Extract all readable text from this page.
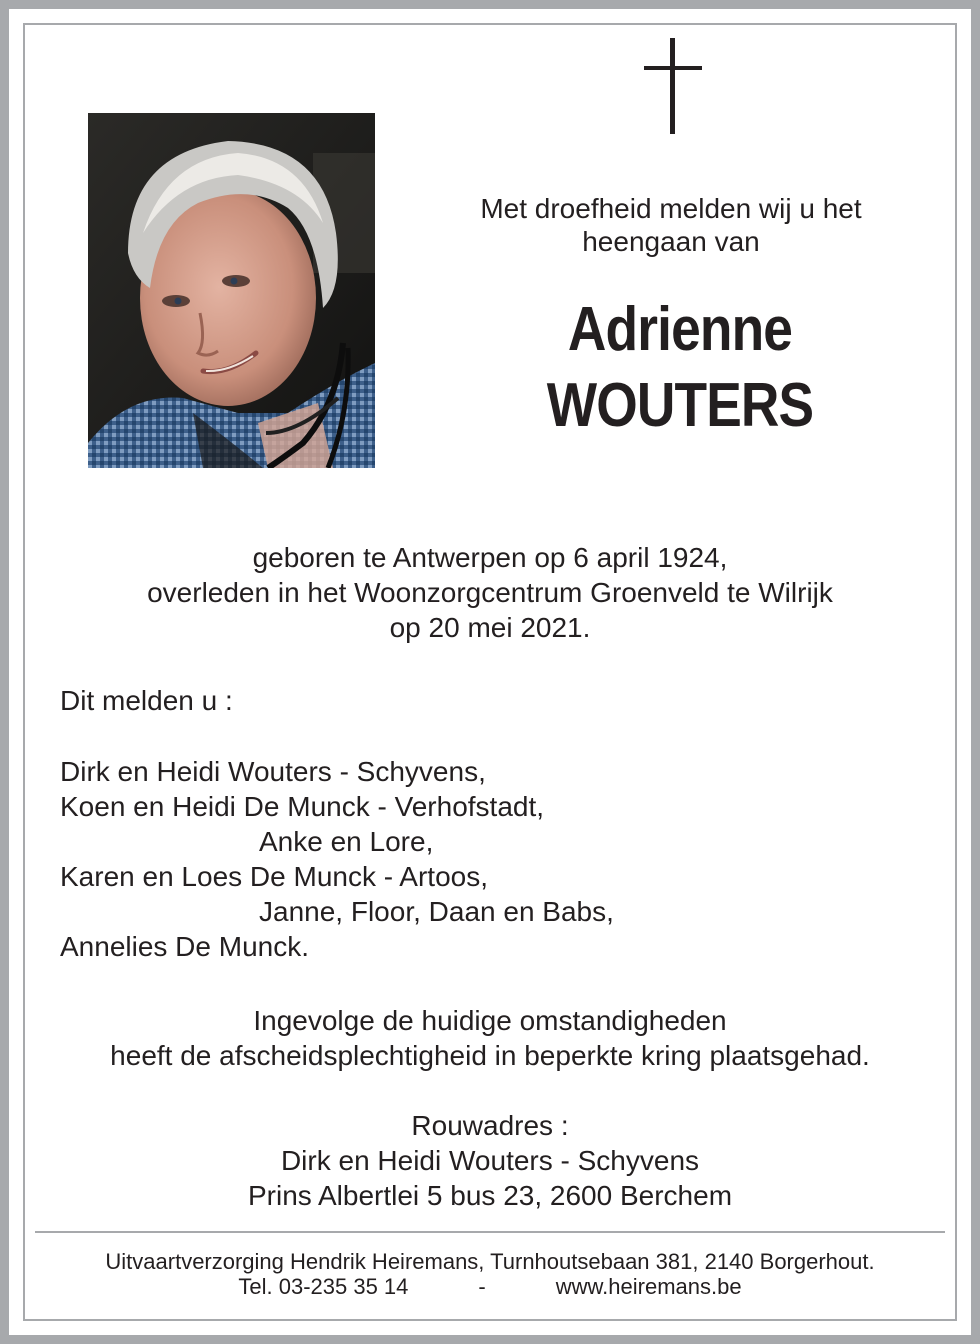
Met droefheid melden wij u het
heengaan van
Adrienne
WOUTERS
geboren te Antwerpen op 6 april 1924,
overleden in het Woonzorgcentrum Groenveld te Wilrijk
op 20 mei 2021.
Dit melden u :
Dirk en Heidi Wouters - Schyvens,
Koen en Heidi De Munck - Verhofstadt,
Anke en Lore,
Karen en Loes De Munck - Artoos,
Janne, Floor, Daan en Babs,
Annelies De Munck.
Ingevolge de huidige omstandigheden
heeft de afscheidsplechtigheid in beperkte kring plaatsgehad.
Rouwadres :
Dirk en Heidi Wouters - Schyvens
Prins Albertlei 5 bus 23, 2600 Berchem
Uitvaartverzorging Hendrik Heiremans, Turnhoutsebaan 381, 2140 Borgerhout.
Tel. 03-235 35 14	-	www.heiremans.be
